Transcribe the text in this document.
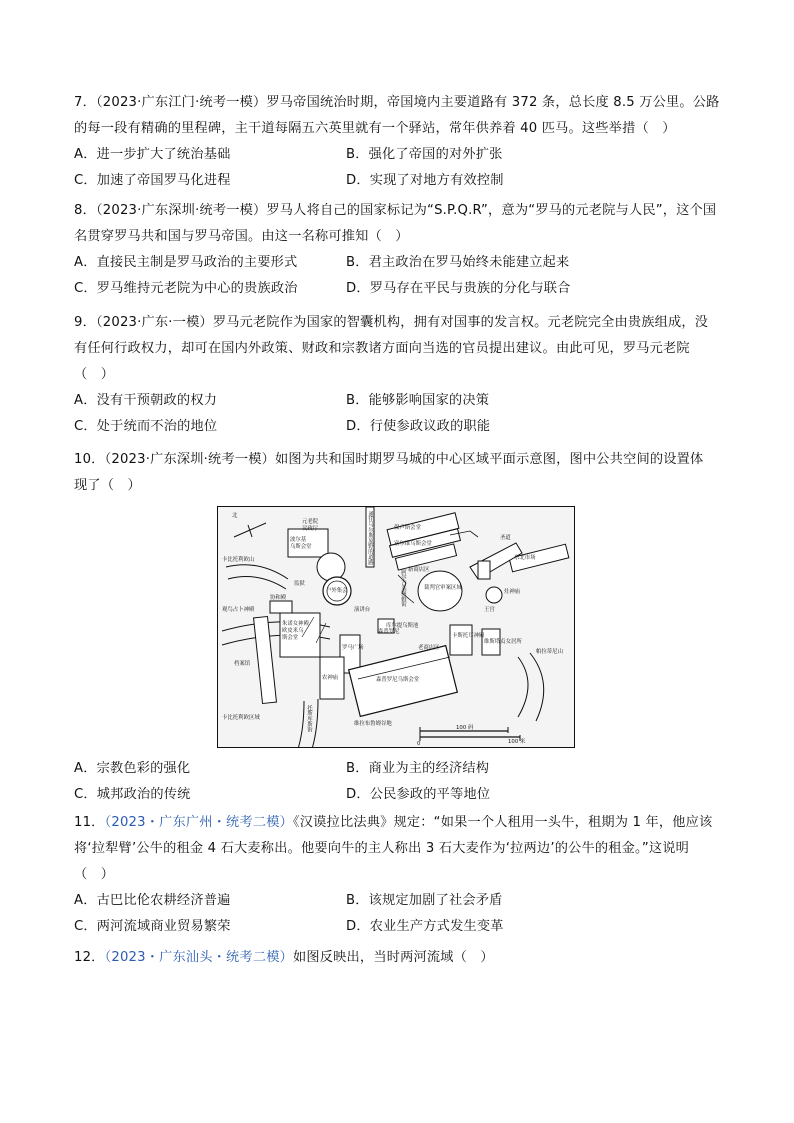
7．（2023·广东江门·统考一模）罗马帝国统治时期，帝国境内主要道路有 372 条，总长度 8.5 万公里。公路

的每一段有精确的里程碑，主干道每隔五六英里就有一个驿站，常年供养着 40 匹马。这些举措（　）

A．进一步扩大了统治基础	B．强化了帝国的对外扩张
C．加速了帝国罗马化进程	D．实现了对地方有效控制

8．（2023·广东深圳·统考一模）罗马人将自己的国家标记为“S.P.Q.R”，意为“罗马的元老院与人民”，这个国

名贯穿罗马共和国与罗马帝国。由这一名称可推知（　）

A．直接民主制是罗马政治的主要形式	B．君主政治在罗马始终未能建立起来
C．罗马维持元老院为中心的贵族政治	D．罗马存在平民与贵族的分化与联合

9．（2023·广东·一模）罗马元老院作为国家的智囊机构，拥有对国事的发言权。元老院完全由贵族组成，没

有任何行政权力，却可在国内外政策、财政和宗教诸方面向当选的官员提出建议。由此可见，罗马元老院

（　）

A．没有干预朝政的权力	B．能够影响国家的决策
C．处于统而不治的地位	D．行使参政议政的职能

10．（2023·广东深圳·统考一模）如图为共和国时期罗马城的中心区域平面示意图，图中公共空间的设置体

现了（　）

北
元老院
议政厅
波尔基
乌斯会堂
卡比托利欧山
观鸟占卜神殿
监狱
户外集会
演讲台
档案馆
协和殿
朱诺女神殿
欧皮米乌
斯会堂
罗马广场
农神庙
卡比托利欧区域
森普罗尼
老商店区
森普罗尼乌斯会堂
维拉布鲁姆谷地
卡斯托耳神殿
裁判官审案区域
新商店区
保卢斯会堂
富尔维乌斯会堂
王宫
灶神庙
东北市场
帕拉蒂尼山
维斯塔贞女居所
圣道
库尔提乌斯池
100 码
100 米
0
通往马尔斯原野的道路
托斯库斯街
阿尔吉莱图姆街
A．宗教色彩的强化	B．商业为主的经济结构
C．城邦政治的传统	D．公民参政的平等地位

11．（2023・广东广州・统考二模）《汉谟拉比法典》规定：“如果一个人租用一头牛，租期为 1 年，他应该

将‘拉犁臂’公牛的租金 4 石大麦称出。他要向牛的主人称出 3 石大麦作为‘拉两边’的公牛的租金。”这说明

（　）

A．古巴比伦农耕经济普遍	B．该规定加剧了社会矛盾
C．两河流域商业贸易繁荣	D．农业生产方式发生变革

12．（2023・广东汕头・统考二模）如图反映出，当时两河流域（　）
